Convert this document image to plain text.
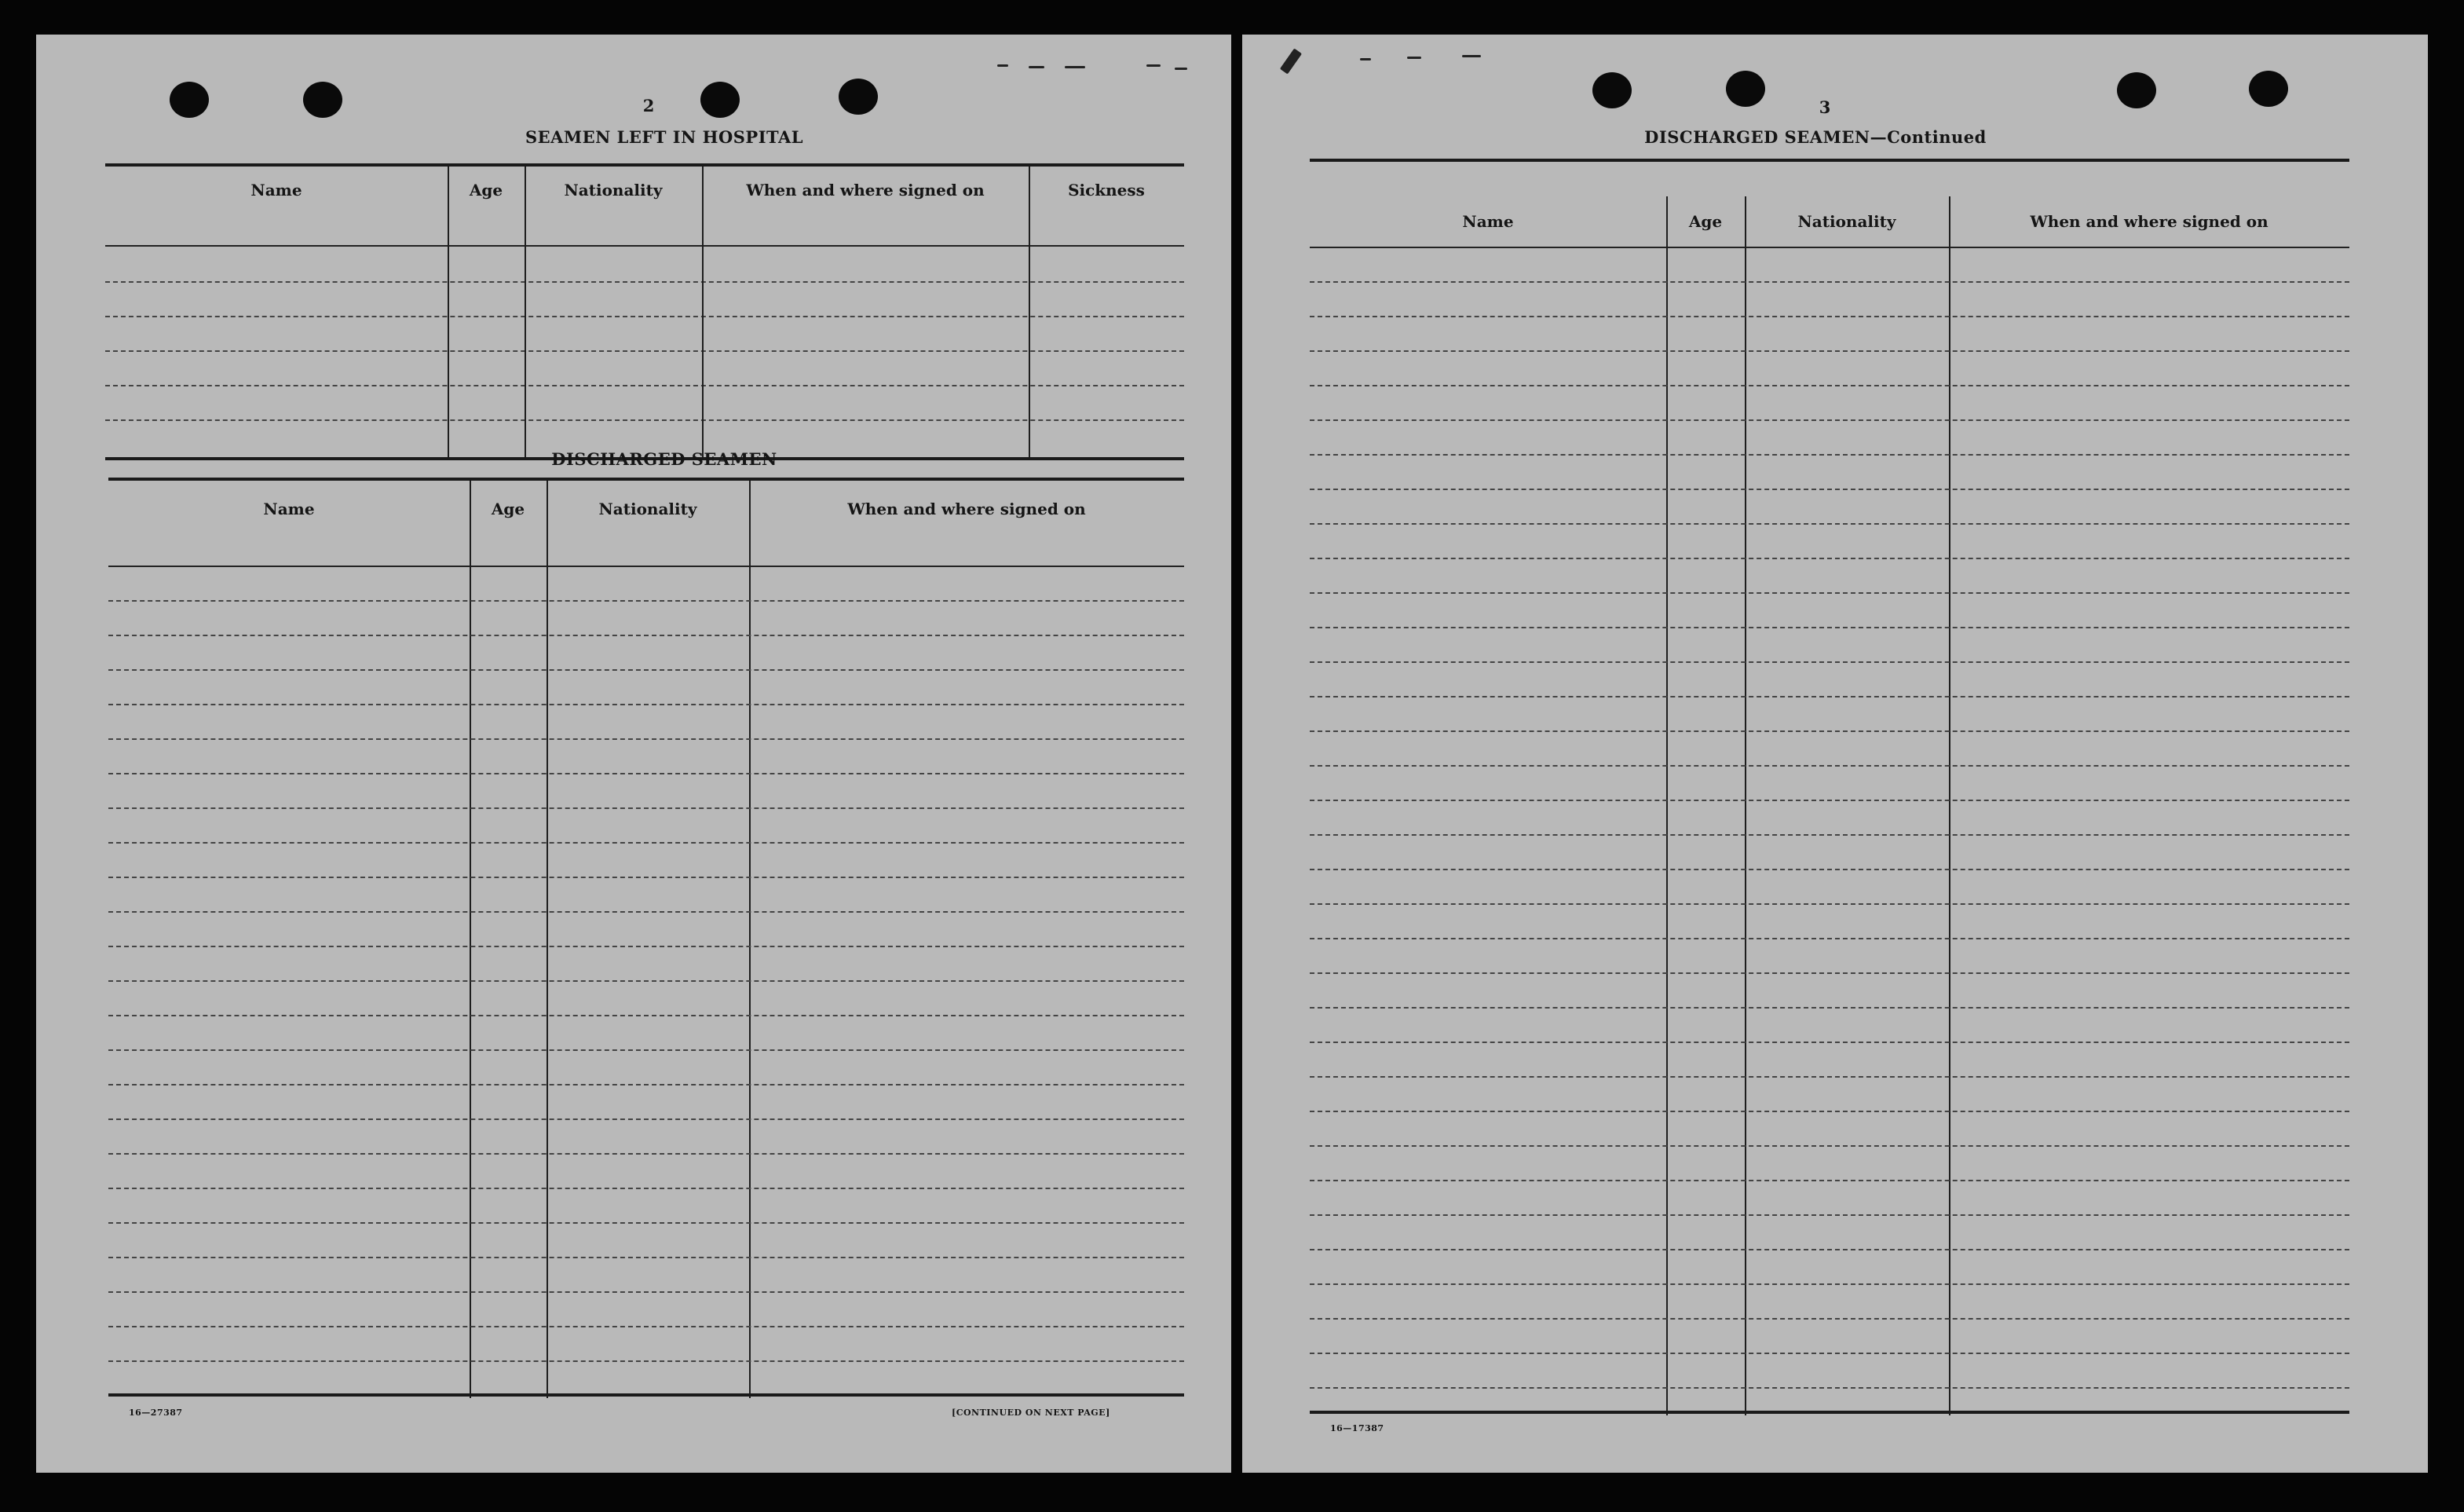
2
SEAMEN LEFT IN HOSPITAL
Name	Age	Nationality	When and where signed on	Sickness
DISCHARGED SEAMEN
Name	Age	Nationality	When and where signed on
16—27387	[CONTINUED ON NEXT PAGE]
3
DISCHARGED SEAMEN—Continued
Name	Age	Nationality	When and where signed on
16—17387
